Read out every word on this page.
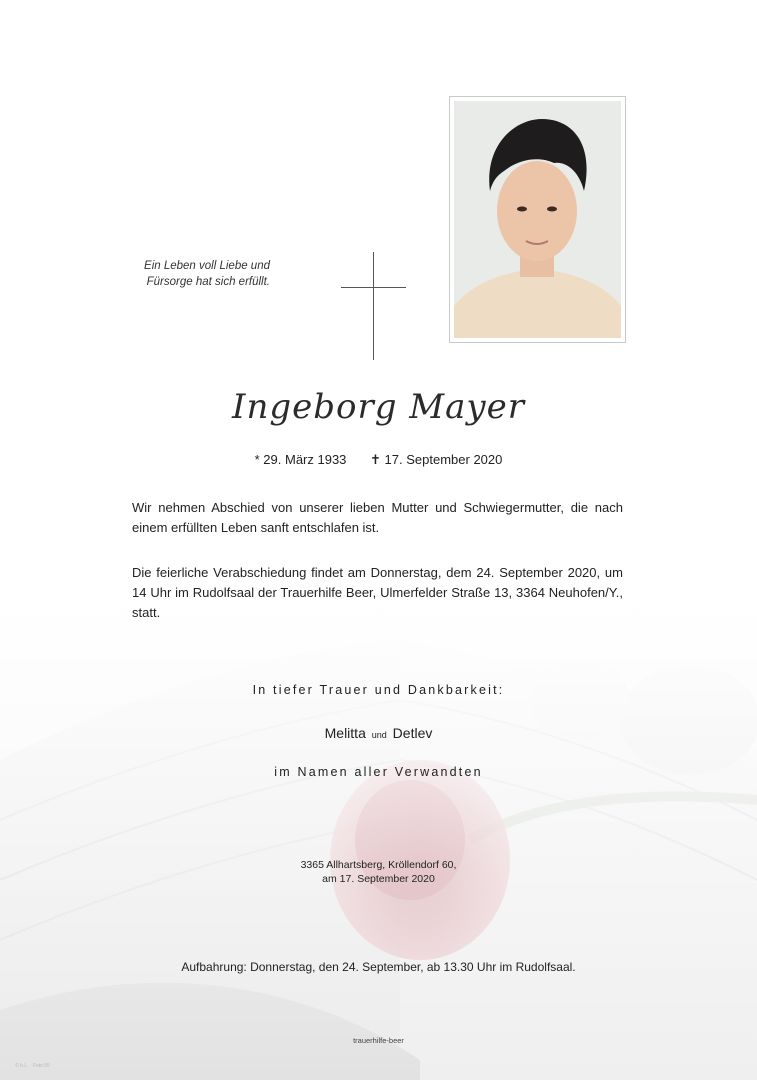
Ein Leben voll Liebe und
Fürsorge hat sich erfüllt.
Ingeborg Mayer
* 29. März 1933 ✝ 17. September 2020
Wir nehmen Abschied von unserer lieben Mutter und Schwiegermutter, die nach einem erfüllten Leben sanft entschlafen ist.
Die feierliche Verabschiedung findet am Donnerstag, dem 24. September 2020, um 14 Uhr im Rudolfsaal der Trauerhilfe Beer, Ulmerfelder Straße 13, 3364 Neuhofen/Y., statt.
In tiefer Trauer und Dankbarkeit:
Melitta und Detlev
im Namen aller Verwandten
3365 Allhartsberg, Kröllendorf 60,
am 17. September 2020
Aufbahrung: Donnerstag, den 24. September, ab 13.30 Uhr im Rudolfsaal.
trauerhilfe-beer
© b.L. · Foto 55
